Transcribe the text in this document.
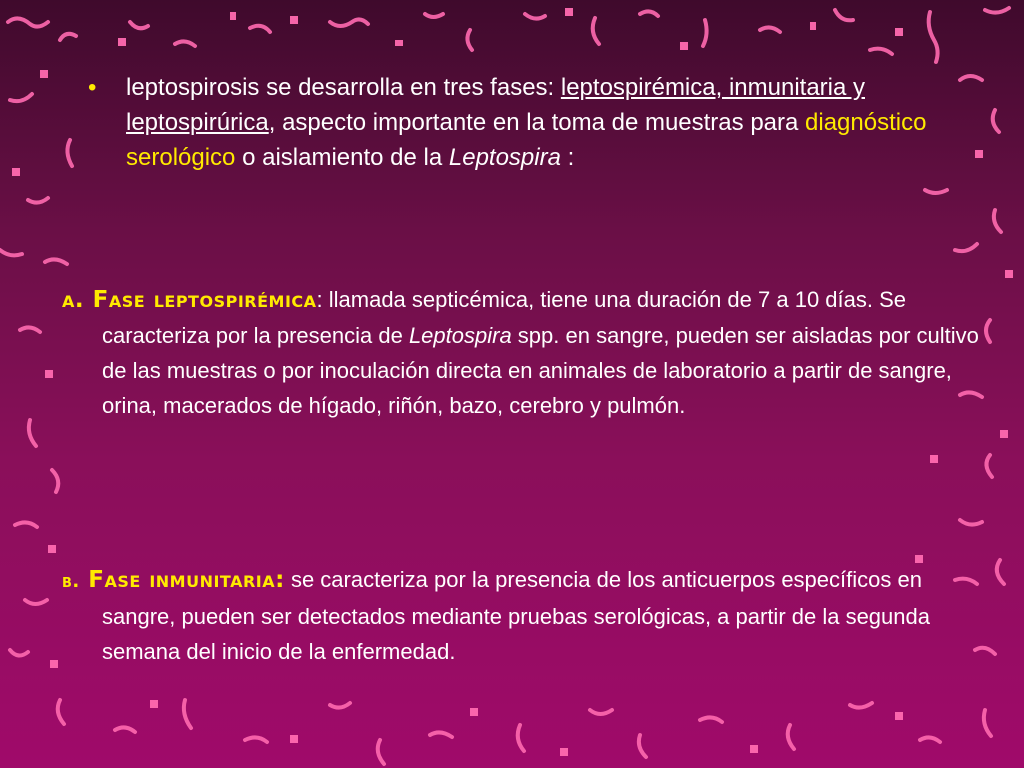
•	leptospirosis se desarrolla en tres fases: leptospirémica, inmunitaria y leptospirúrica, aspecto importante en la toma de muestras para diagnóstico serológico o aislamiento de la Leptospira :
a. Fase leptospirémica: llamada septicémica, tiene una duración de 7 a 10 días. Se caracteriza por la presencia de Leptospira spp. en sangre, pueden ser aisladas por cultivo de las muestras o por inoculación directa en animales de laboratorio a partir de sangre, orina, macerados de hígado, riñón, bazo, cerebro y pulmón.
b. Fase inmunitaria: se caracteriza por la presencia de los anticuerpos específicos en sangre, pueden ser detectados mediante pruebas serológicas, a partir de la segunda semana del inicio de la enfermedad.
